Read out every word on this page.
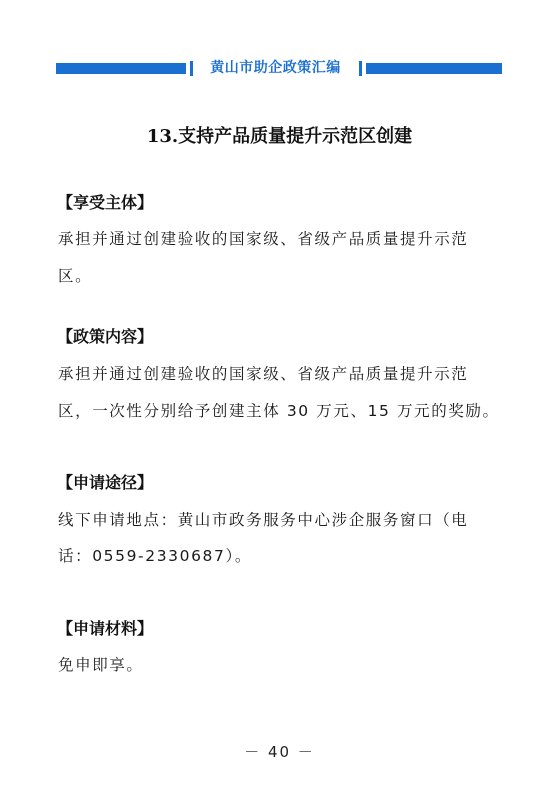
黄山市助企政策汇编
13.支持产品质量提升示范区创建
【享受主体】
承担并通过创建验收的国家级、省级产品质量提升示范
区。
【政策内容】
承担并通过创建验收的国家级、省级产品质量提升示范
区，一次性分别给予创建主体 30 万元、15 万元的奖励。
【申请途径】
线下申请地点：黄山市政务服务中心涉企服务窗口（电
话：0559-2330687）。
【申请材料】
免申即享。
－ 40 －
